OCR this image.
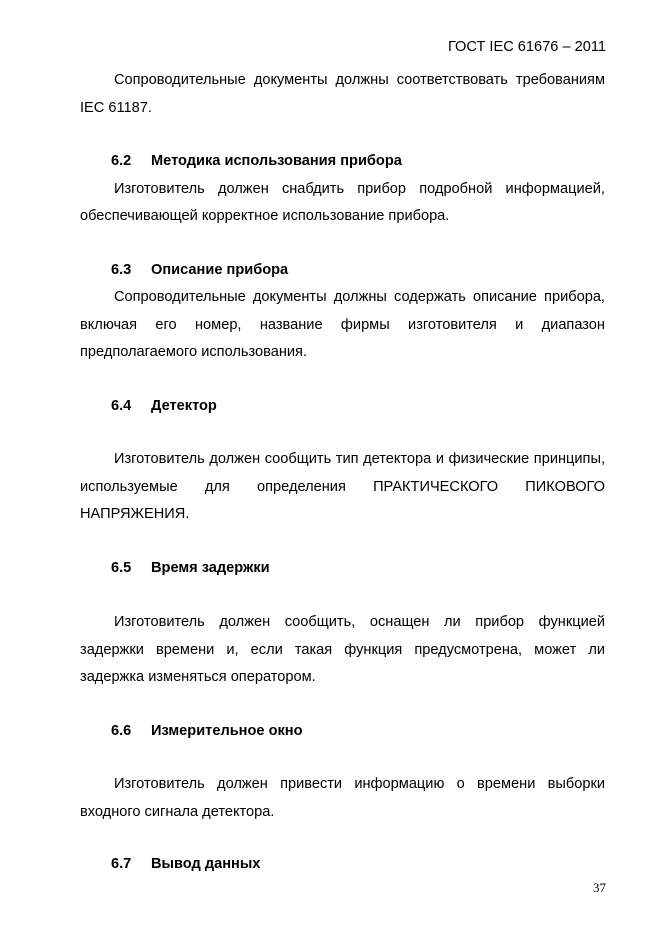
ГОСТ IEC 61676 – 2011

Сопроводительные документы должны соответствовать требованиям IEC 61187.

6.2	Методика использования прибора

Изготовитель должен снабдить прибор подробной информацией, обеспечивающей корректное использование прибора.

6.3	Описание прибора

Сопроводительные документы должны содержать описание прибора, включая его номер, название фирмы изготовителя и диапазон предполагаемого использования.

6.4	Детектор

Изготовитель должен сообщить тип детектора и физические принципы, используемые для определения ПРАКТИЧЕСКОГО ПИКОВОГО НАПРЯЖЕНИЯ.

6.5	Время задержки

Изготовитель должен сообщить, оснащен ли прибор функцией задержки времени и, если такая функция предусмотрена, может ли задержка изменяться оператором.

6.6	Измерительное окно

Изготовитель должен привести информацию о времени выборки входного сигнала детектора.

6.7	Вывод данных
37
